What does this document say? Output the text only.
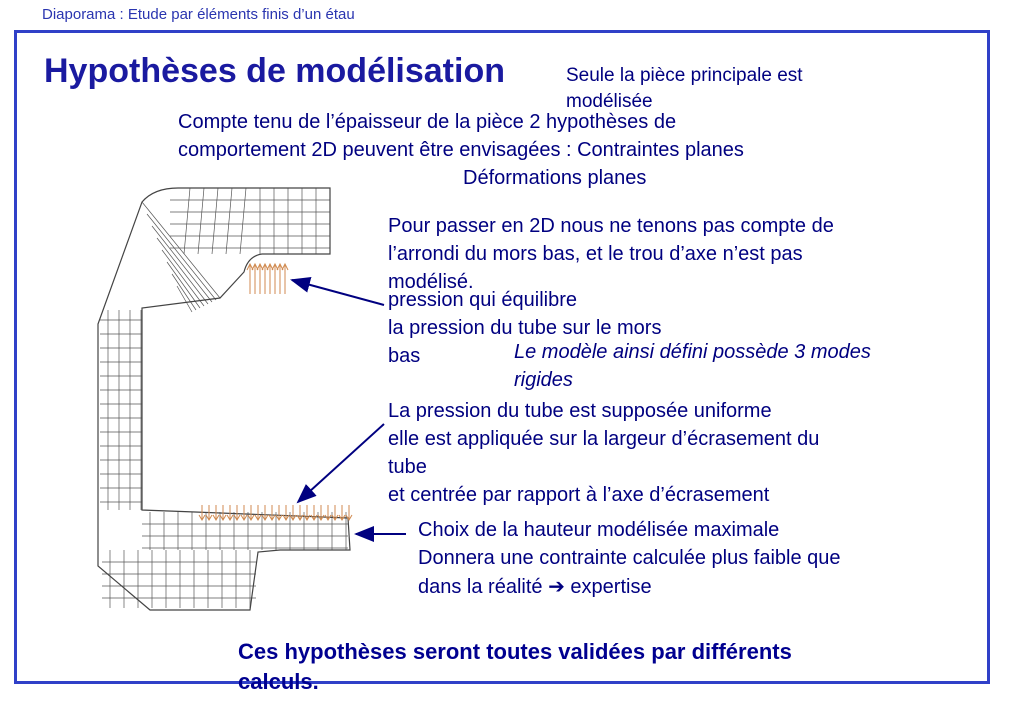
Diaporama : Etude par éléments finis d’un étau
Hypothèses de modélisation	Seule la pièce principale est
modélisée
Compte tenu de l’épaisseur de la pièce 2 hypothèses de
comportement 2D peuvent être envisagées : Contraintes planes
Déformations planes
Pour passer en 2D nous ne tenons pas compte de
l’arrondi du mors bas, et le trou d’axe n’est pas
modélisé.
pression qui équilibre
la pression du tube sur le mors
bas	Le modèle ainsi défini possède 3 modes
rigides
La pression du tube est supposée uniforme
elle est appliquée sur la largeur d’écrasement du
tube
et centrée par rapport à l’axe d’écrasement
Choix de la hauteur modélisée maximale
Donnera une contrainte calculée plus faible que
dans la réalité ➔ expertise
Ces hypothèses seront toutes validées par différents
calculs.
